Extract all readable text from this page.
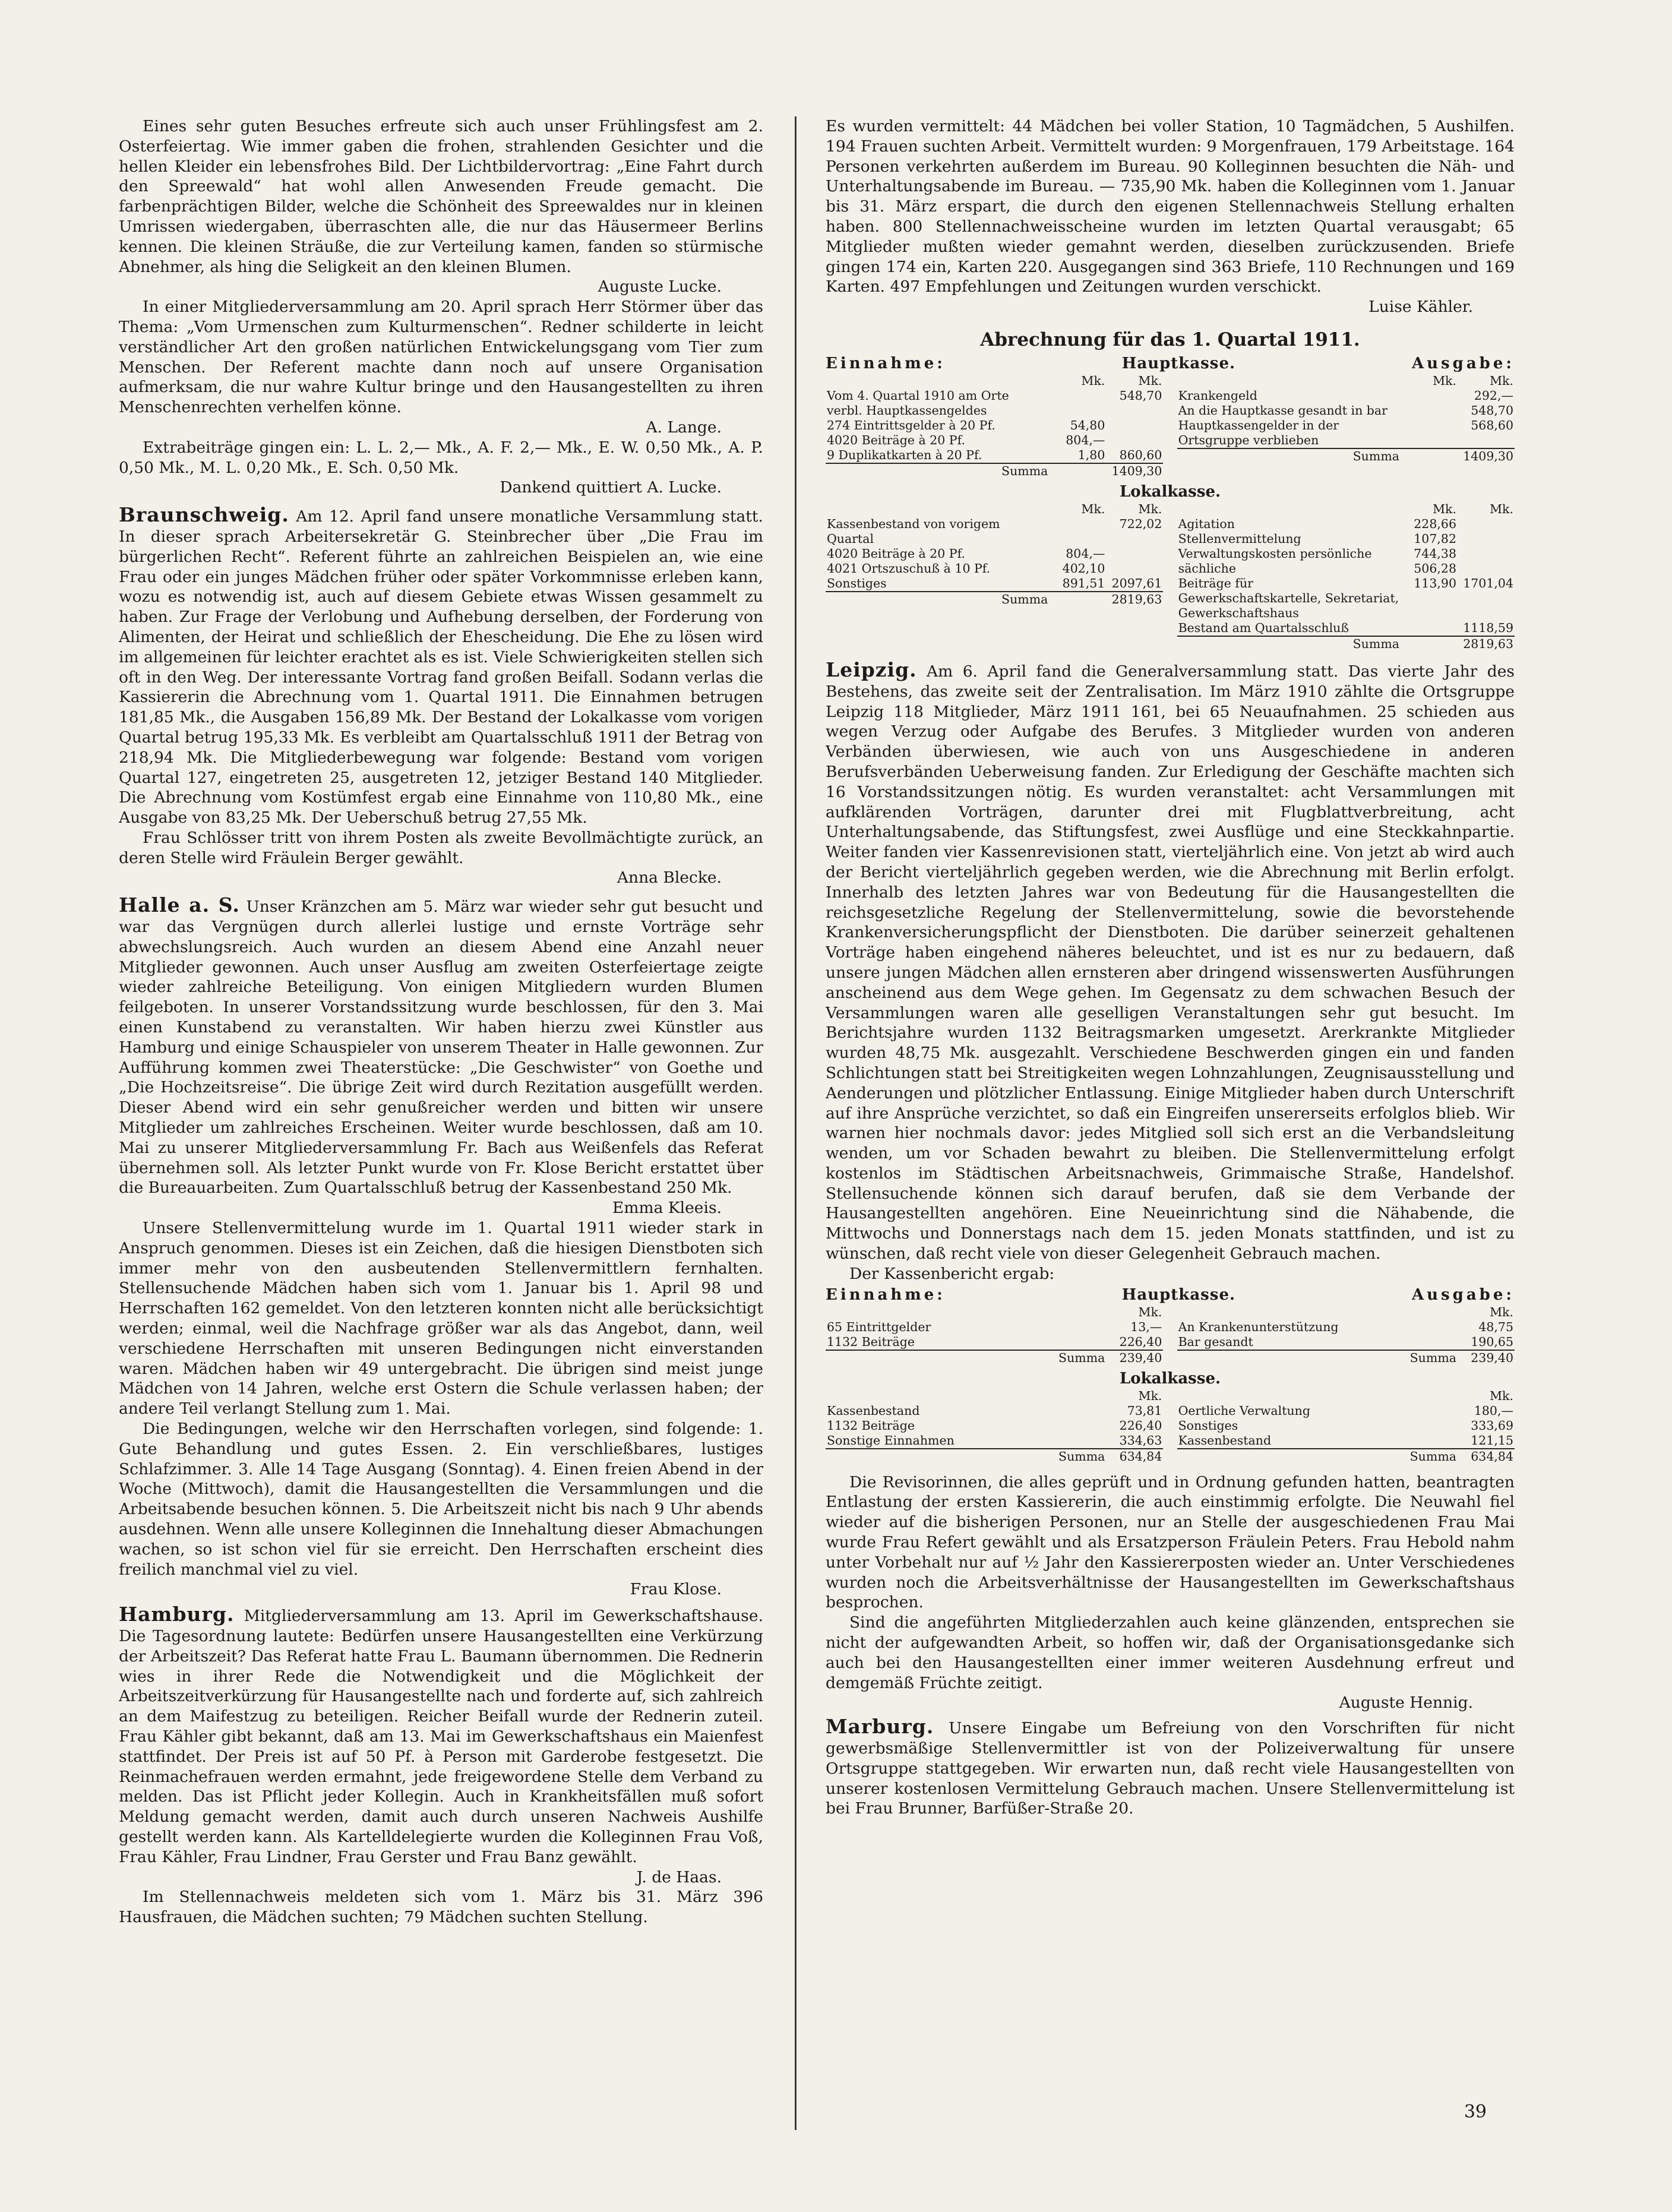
Eines sehr guten Besuches erfreute sich auch unser Frühlingsfest am 2. Osterfeiertag. Wie immer gaben die frohen, strahlenden Gesichter und die hellen Kleider ein lebensfrohes Bild. Der Lichtbildervortrag: „Eine Fahrt durch den Spreewald“ hat wohl allen Anwesenden Freude gemacht. Die farbenprächtigen Bilder, welche die Schönheit des Spreewaldes nur in kleinen Umrissen wiedergaben, überraschten alle, die nur das Häusermeer Berlins kennen. Die kleinen Sträuße, die zur Verteilung kamen, fanden so stürmische Abnehmer, als hing die Seligkeit an den kleinen Blumen.

Auguste Lucke.

In einer Mitgliederversammlung am 20. April sprach Herr Störmer über das Thema: „Vom Urmenschen zum Kulturmenschen“. Redner schilderte in leicht verständlicher Art den großen natürlichen Entwickelungsgang vom Tier zum Menschen. Der Referent machte dann noch auf unsere Organisation aufmerksam, die nur wahre Kultur bringe und den Hausangestellten zu ihren Menschenrechten verhelfen könne.

A. Lange.

Extrabeiträge gingen ein: L. L. 2,— Mk., A. F. 2,— Mk., E. W. 0,50 Mk., A. P. 0,50 Mk., M. L. 0,20 Mk., E. Sch. 0,50 Mk.

Dankend quittiert A. Lucke.

Braunschweig. Am 12. April fand unsere monatliche Versammlung statt. In dieser sprach Arbeitersekretär G. Steinbrecher über „Die Frau im bürgerlichen Recht“. Referent führte an zahlreichen Beispielen an, wie eine Frau oder ein junges Mädchen früher oder später Vorkommnisse erleben kann, wozu es notwendig ist, auch auf diesem Gebiete etwas Wissen gesammelt zu haben. Zur Frage der Verlobung und Aufhebung derselben, der Forderung von Alimenten, der Heirat und schließlich der Ehescheidung. Die Ehe zu lösen wird im allgemeinen für leichter erachtet als es ist. Viele Schwierigkeiten stellen sich oft in den Weg. Der interessante Vortrag fand großen Beifall. Sodann verlas die Kassiererin die Abrechnung vom 1. Quartal 1911. Die Einnahmen betrugen 181,85 Mk., die Ausgaben 156,89 Mk. Der Bestand der Lokalkasse vom vorigen Quartal betrug 195,33 Mk. Es verbleibt am Quartalsschluß 1911 der Betrag von 218,94 Mk. Die Mitgliederbewegung war folgende: Bestand vom vorigen Quartal 127, eingetreten 25, ausgetreten 12, jetziger Bestand 140 Mitglieder. Die Abrechnung vom Kostümfest ergab eine Einnahme von 110,80 Mk., eine Ausgabe von 83,25 Mk. Der Ueberschuß betrug 27,55 Mk.

Frau Schlösser tritt von ihrem Posten als zweite Bevollmächtigte zurück, an deren Stelle wird Fräulein Berger gewählt.

Anna Blecke.

Halle a. S. Unser Kränzchen am 5. März war wieder sehr gut besucht und war das Vergnügen durch allerlei lustige und ernste Vorträge sehr abwechslungsreich. Auch wurden an diesem Abend eine Anzahl neuer Mitglieder gewonnen. Auch unser Ausflug am zweiten Osterfeiertage zeigte wieder zahlreiche Beteiligung. Von einigen Mitgliedern wurden Blumen feilgeboten. In unserer Vorstandssitzung wurde beschlossen, für den 3. Mai einen Kunstabend zu veranstalten. Wir haben hierzu zwei Künstler aus Hamburg und einige Schauspieler von unserem Theater in Halle gewonnen. Zur Aufführung kommen zwei Theaterstücke: „Die Geschwister“ von Goethe und „Die Hochzeitsreise“. Die übrige Zeit wird durch Rezitation ausgefüllt werden. Dieser Abend wird ein sehr genußreicher werden und bitten wir unsere Mitglieder um zahlreiches Erscheinen. Weiter wurde beschlossen, daß am 10. Mai zu unserer Mitgliederversammlung Fr. Bach aus Weißenfels das Referat übernehmen soll. Als letzter Punkt wurde von Fr. Klose Bericht erstattet über die Bureauarbeiten. Zum Quartalsschluß betrug der Kassenbestand 250 Mk.

Emma Kleeis.

Unsere Stellenvermittelung wurde im 1. Quartal 1911 wieder stark in Anspruch genommen. Dieses ist ein Zeichen, daß die hiesigen Dienstboten sich immer mehr von den ausbeutenden Stellenvermittlern fernhalten. Stellensuchende Mädchen haben sich vom 1. Januar bis 1. April 98 und Herrschaften 162 gemeldet. Von den letzteren konnten nicht alle berücksichtigt werden; einmal, weil die Nachfrage größer war als das Angebot, dann, weil verschiedene Herrschaften mit unseren Bedingungen nicht einverstanden waren. Mädchen haben wir 49 untergebracht. Die übrigen sind meist junge Mädchen von 14 Jahren, welche erst Ostern die Schule verlassen haben; der andere Teil verlangt Stellung zum 1. Mai.

Die Bedingungen, welche wir den Herrschaften vorlegen, sind folgende: 1. Gute Behandlung und gutes Essen. 2. Ein verschließbares, lustiges Schlafzimmer. 3. Alle 14 Tage Ausgang (Sonntag). 4. Einen freien Abend in der Woche (Mittwoch), damit die Hausangestellten die Versammlungen und die Arbeitsabende besuchen können. 5. Die Arbeitszeit nicht bis nach 9 Uhr abends ausdehnen. Wenn alle unsere Kolleginnen die Innehaltung dieser Abmachungen wachen, so ist schon viel für sie erreicht. Den Herrschaften erscheint dies freilich manchmal viel zu viel.

Frau Klose.

Hamburg. Mitgliederversammlung am 13. April im Gewerkschaftshause. Die Tagesordnung lautete: Bedürfen unsere Hausangestellten eine Verkürzung der Arbeitszeit? Das Referat hatte Frau L. Baumann übernommen. Die Rednerin wies in ihrer Rede die Notwendigkeit und die Möglichkeit der Arbeitszeitverkürzung für Hausangestellte nach und forderte auf, sich zahlreich an dem Maifestzug zu beteiligen. Reicher Beifall wurde der Rednerin zuteil. Frau Kähler gibt bekannt, daß am 13. Mai im Gewerkschaftshaus ein Maienfest stattfindet. Der Preis ist auf 50 Pf. à Person mit Garderobe festgesetzt. Die Reinmachefrauen werden ermahnt, jede freigewordene Stelle dem Verband zu melden. Das ist Pflicht jeder Kollegin. Auch in Krankheitsfällen muß sofort Meldung gemacht werden, damit auch durch unseren Nachweis Aushilfe gestellt werden kann. Als Kartelldelegierte wurden die Kolleginnen Frau Voß, Frau Kähler, Frau Lindner, Frau Gerster und Frau Banz gewählt.

J. de Haas.

Im Stellennachweis meldeten sich vom 1. März bis 31. März 396 Hausfrauen, die Mädchen suchten; 79 Mädchen suchten Stellung.

Es wurden vermittelt: 44 Mädchen bei voller Station, 10 Tagmädchen, 5 Aushilfen. 194 Frauen suchten Arbeit. Vermittelt wurden: 9 Morgenfrauen, 179 Arbeitstage. 164 Personen verkehrten außerdem im Bureau. 90 Kolleginnen besuchten die Näh- und Unterhaltungsabende im Bureau. — 735,90 Mk. haben die Kolleginnen vom 1. Januar bis 31. März erspart, die durch den eigenen Stellennachweis Stellung erhalten haben. 800 Stellennachweisscheine wurden im letzten Quartal verausgabt; 65 Mitglieder mußten wieder gemahnt werden, dieselben zurückzusenden. Briefe gingen 174 ein, Karten 220. Ausgegangen sind 363 Briefe, 110 Rechnungen und 169 Karten. 497 Empfehlungen und Zeitungen wurden verschickt.

Luise Kähler.

Abrechnung für das 1. Quartal 1911.
Einnahme:	Hauptkasse.	Ausgabe:
	Mk.	Mk.
Vom 4. Quartal 1910 am Orte verbl. Hauptkassengeldes		548,70
274 Eintrittsgelder à 20 Pf.	54,80	
4020 Beiträge à 20 Pf.	804,—	
9 Duplikatkarten à 20 Pf.	1,80	860,60
Summa		1409,30
	Mk.	Mk.
Krankengeld		292,—
An die Hauptkasse gesandt in bar		548,70
Hauptkassengelder in der Ortsgruppe verblieben		568,60
Summa		1409,30
Lokalkasse.
	Mk.	Mk.
Kassenbestand von vorigem Quartal		722,02
4020 Beiträge à 20 Pf.	804,—	
4021 Ortszuschuß à 10 Pf.	402,10	
Sonstiges	891,51	2097,61
Summa		2819,63
	Mk.	Mk.
Agitation	228,66	
Stellenvermittelung	107,82	
Verwaltungskosten persönliche	744,38	
sächliche	506,28	
Beiträge für Gewerkschaftskartelle, Sekretariat, Gewerkschaftshaus	113,90	1701,04
Bestand am Quartalsschluß		1118,59
Summa		2819,63

Leipzig. Am 6. April fand die Generalversammlung statt. Das vierte Jahr des Bestehens, das zweite seit der Zentralisation. Im März 1910 zählte die Ortsgruppe Leipzig 118 Mitglieder, März 1911 161, bei 65 Neuaufnahmen. 25 schieden aus wegen Verzug oder Aufgabe des Berufes. 3 Mitglieder wurden von anderen Verbänden überwiesen, wie auch von uns Ausgeschiedene in anderen Berufsverbänden Ueberweisung fanden. Zur Erledigung der Geschäfte machten sich 16 Vorstandssitzungen nötig. Es wurden veranstaltet: acht Versammlungen mit aufklärenden Vorträgen, darunter drei mit Flugblattverbreitung, acht Unterhaltungsabende, das Stiftungsfest, zwei Ausflüge und eine Steckkahnpartie. Weiter fanden vier Kassenrevisionen statt, vierteljährlich eine. Von jetzt ab wird auch der Bericht vierteljährlich gegeben werden, wie die Abrechnung mit Berlin erfolgt. Innerhalb des letzten Jahres war von Bedeutung für die Hausangestellten die reichsgesetzliche Regelung der Stellenvermittelung, sowie die bevorstehende Krankenversicherungspflicht der Dienstboten. Die darüber seinerzeit gehaltenen Vorträge haben eingehend näheres beleuchtet, und ist es nur zu bedauern, daß unsere jungen Mädchen allen ernsteren aber dringend wissenswerten Ausführungen anscheinend aus dem Wege gehen. Im Gegensatz zu dem schwachen Besuch der Versammlungen waren alle geselligen Veranstaltungen sehr gut besucht. Im Berichtsjahre wurden 1132 Beitragsmarken umgesetzt. Arerkrankte Mitglieder wurden 48,75 Mk. ausgezahlt. Verschiedene Beschwerden gingen ein und fanden Schlichtungen statt bei Streitigkeiten wegen Lohnzahlungen, Zeugnisausstellung und Aenderungen und plötzlicher Entlassung. Einige Mitglieder haben durch Unterschrift auf ihre Ansprüche verzichtet, so daß ein Eingreifen unsererseits erfolglos blieb. Wir warnen hier nochmals davor: jedes Mitglied soll sich erst an die Verbandsleitung wenden, um vor Schaden bewahrt zu bleiben. Die Stellenvermittelung erfolgt kostenlos im Städtischen Arbeitsnachweis, Grimmaische Straße, Handelshof. Stellensuchende können sich darauf berufen, daß sie dem Verbande der Hausangestellten angehören. Eine Neueinrichtung sind die Nähabende, die Mittwochs und Donnerstags nach dem 15. jeden Monats stattfinden, und ist zu wünschen, daß recht viele von dieser Gelegenheit Gebrauch machen.

Der Kassenbericht ergab:

Einnahme:	Hauptkasse.	Ausgabe:
	Mk.
65 Eintrittgelder	13,—
1132 Beiträge	226,40
Summa	239,40
	Mk.
An Krankenunterstützung	48,75
Bar gesandt	190,65
Summa	239,40
Lokalkasse.
	Mk.
Kassenbestand	73,81
1132 Beiträge	226,40
Sonstige Einnahmen	334,63
Summa	634,84
	Mk.
Oertliche Verwaltung	180,—
Sonstiges	333,69
Kassenbestand	121,15
Summa	634,84

Die Revisorinnen, die alles geprüft und in Ordnung gefunden hatten, beantragten Entlastung der ersten Kassiererin, die auch einstimmig erfolgte. Die Neuwahl fiel wieder auf die bisherigen Personen, nur an Stelle der ausgeschiedenen Frau Mai wurde Frau Refert gewählt und als Ersatzperson Fräulein Peters. Frau Hebold nahm unter Vorbehalt nur auf ½ Jahr den Kassiererposten wieder an. Unter Verschiedenes wurden noch die Arbeitsverhältnisse der Hausangestellten im Gewerkschaftshaus besprochen.

Sind die angeführten Mitgliederzahlen auch keine glänzenden, entsprechen sie nicht der aufgewandten Arbeit, so hoffen wir, daß der Organisationsgedanke sich auch bei den Hausangestellten einer immer weiteren Ausdehnung erfreut und demgemäß Früchte zeitigt.

Auguste Hennig.

Marburg. Unsere Eingabe um Befreiung von den Vorschriften für nicht gewerbsmäßige Stellenvermittler ist von der Polizeiverwaltung für unsere Ortsgruppe stattgegeben. Wir erwarten nun, daß recht viele Hausangestellten von unserer kostenlosen Vermittelung Gebrauch machen. Unsere Stellenvermittelung ist bei Frau Brunner, Barfüßer-Straße 20.

39
